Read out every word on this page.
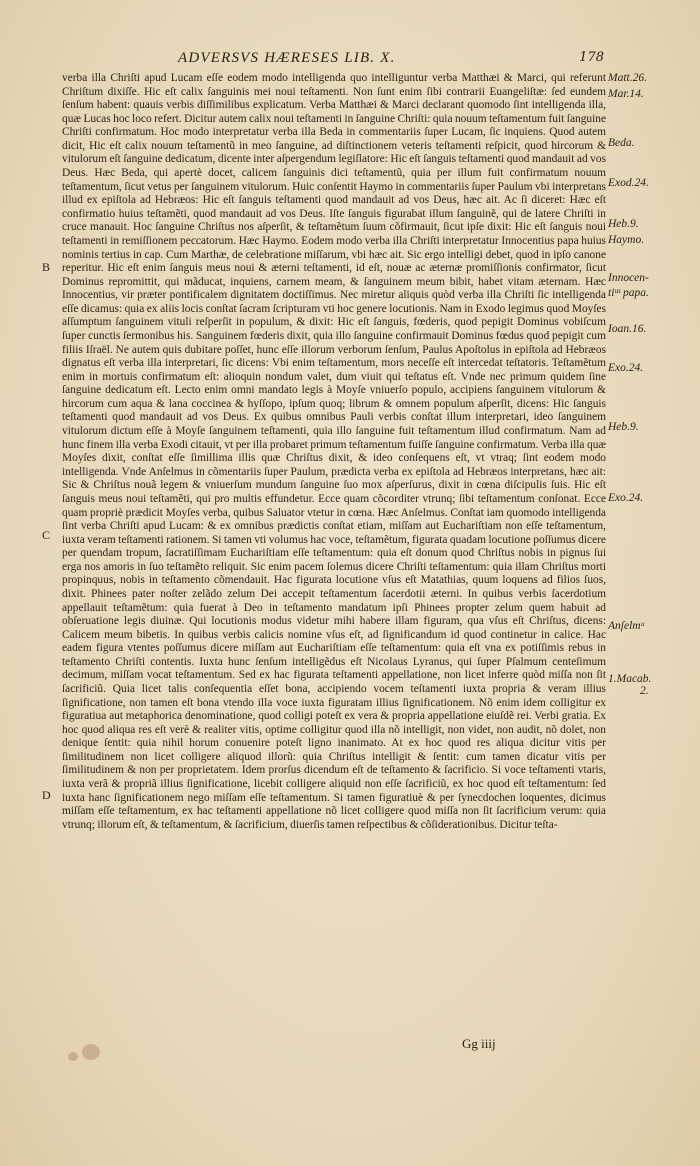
ADVERSVS HÆRESES LIB. X.	178

verba illa Chriſti apud Lucam eſſe eodem modo intelligenda quo intelliguntur verba Matthæi & Marci, qui referunt Chriſtum dixiſſe. Hic eſt calix ſanguinis mei noui teſtamenti. Non ſunt enim ſibi contrarii Euangeliſtæ: ſed eundem ſenſum habent: quauis verbis diſſimilibus explicatum. Verba Matthæi & Marci declarant quomodo ſint intelligenda illa, quæ Lucas hoc loco refert. Dicitur autem calix noui teſtamenti in ſanguine Chriſti: quia nouum teſtamentum fuit ſanguine Chriſti confirmatum. Hoc modo interpretatur verba illa Beda in commentariis ſuper Lucam, ſic inquiens. Quod autem dicit, Hic eſt calix nouum teſtamentũ in meo ſanguine, ad diſtinctionem veteris teſtamenti reſpicit, quod hircorum & vitulorum eſt ſanguine dedicatum, dicente inter aſpergendum legiſlatore: Hic eſt ſanguis teſtamenti quod mandauit ad vos Deus. Hæc Beda, qui apertè docet, calicem ſanguinis dici teſtamentũ, quia per illum fuit confirmatum nouum teſtamentum, ſicut vetus per ſanguinem vitulorum. Huic conſentit Haymo in commentariis ſuper Paulum vbi interpretans illud ex epiſtola ad Hebræos: Hic eſt ſanguis teſtamenti quod mandauit ad vos Deus, hæc ait. Ac ſi diceret: Hæc eſt confirmatio huius teſtamẽti, quod mandauit ad vos Deus. Iſte ſanguis figurabat illum ſanguinẽ, qui de latere Chriſti in cruce manauit. Hoc ſanguine Chriſtus nos aſperſit, & teſtamẽtum ſuum cõfirmauit, ſicut ipſe dixit: Hic eſt ſanguis noui teſtamenti in remiſſionem peccatorum. Hæc Haymo. Eodem modo verba illa Chriſti interpretatur Innocentius papa huius nominis tertius in cap. Cum Marthæ, de celebratione miſſarum, vbi hæc ait. Sic ergo intelligi debet, quod in ipſo canone reperitur. Hic eſt enim ſanguis meus noui & æterni teſtamenti, id eſt, nouæ ac æternæ promiſſionis confirmator, ſicut Dominus repromittit, qui mãducat, inquiens, carnem meam, & ſanguinem meum bibit, habet vitam æternam. Hæc Innocentius, vir præter pontificalem dignitatem doctiſſimus. Nec miretur aliquis quòd verba illa Chriſti ſic intelligenda eſſe dicamus: quia ex aliis locis conſtat ſacram ſcripturam vti hoc genere locutionis. Nam in Exodo legimus quod Moyſes aſſumptum ſanguinem vituli reſperſit in populum, & dixit: Hic eſt ſanguis, fœderis, quod pepigit Dominus vobiſcum ſuper cunctis ſermonibus his. Sanguinem fœderis dixit, quia illo ſanguine confirmauit Dominus fœdus quod pepigit cum filiis Iſraël. Ne autem quis dubitare poſſet, hunc eſſe illorum verborum ſenſum, Paulus Apoſtolus in epiſtola ad Hebræos dignatus eſt verba illa interpretari, ſic dicens: Vbi enim teſtamentum, mors neceſſe eſt intercedat teſtatoris. Teſtamẽtum enim in mortuis confirmatum eſt: alioquin nondum valet, dum viuit qui teſtatus eſt. Vnde nec primum quidem ſine ſanguine dedicatum eſt. Lecto enim omni mandato legis à Moyſe vniuerſo populo, accipiens ſanguinem vitulorum & hircorum cum aqua & lana coccinea & hyſſopo, ipſum quoq; librum & omnem populum aſperſit, dicens: Hic ſanguis teſtamenti quod mandauit ad vos Deus. Ex quibus omnibus Pauli verbis conſtat illum interpretari, ideo ſanguinem vitulorum dictum eſſe à Moyſe ſanguinem teſtamenti, quia illo ſanguine fuit teſtamentum illud confirmatum. Nam ad hunc finem illa verba Exodi citauit, vt per illa probaret primum teſtamentum fuiſſe ſanguine confirmatum. Verba illa quæ Moyſes dixit, conſtat eſſe ſimillima illis quæ Chriſtus dixit, & ideo conſequens eſt, vt vtraq; ſint eodem modo intelligenda. Vnde Anſelmus in cõmentariis ſuper Paulum, prædicta verba ex epiſtola ad Hebræos interpretans, hæc ait: Sic & Chriſtus nouã legem & vniuerſum mundum ſanguine ſuo mox aſperſurus, dixit in cœna diſcipulis ſuis. Hic eſt ſanguis meus noui teſtamẽti, qui pro multis effundetur. Ecce quam cõcorditer vtrunq; ſibi teſtamentum conſonat. Ecce quam propriè prædicit Moyſes verba, quibus Saluator vtetur in cœna. Hæc Anſelmus. Conſtat iam quomodo intelligenda ſint verba Chriſti apud Lucam: & ex omnibus prædictis conſtat etiam, miſſam aut Euchariſtiam non eſſe teſtamentum, iuxta veram teſtamenti rationem. Si tamen vti volumus hac voce, teſtamẽtum, figurata quadam locutione poſſumus dicere per quendam tropum, ſacratiſſimam Euchariſtiam eſſe teſtamentum: quia eſt donum quod Chriſtus nobis in pignus ſui erga nos amoris in ſuo teſtamẽto reliquit. Sic enim pacem ſolemus dicere Chriſti teſtamentum: quia illam Chriſtus morti propinquus, nobis in teſtamento cõmendauit. Hac figurata locutione vſus eſt Matathias, quum loquens ad filios ſuos, dixit. Phinees pater noſter zelãdo zelum Dei accepit teſtamentum ſacerdotii æterni. In quibus verbis ſacerdotium appellauit teſtamẽtum: quia fuerat à Deo in teſtamento mandatum ipſi Phinees propter zelum quem habuit ad obſeruatione legis diuinæ. Qui locutionis modus videtur mihi habere illam figuram, qua vſus eſt Chriſtus, dicens: Calicem meum bibetis. In quibus verbis calicis nomine vſus eſt, ad ſignificandum id quod continetur in calice. Hac eadem figura vtentes poſſumus dicere miſſam aut Euchariſtiam eſſe teſtamentum: quia eſt vna ex potiſſimis rebus in teſtamento Chriſti contentis. Iuxta hunc ſenſum intelligẽdus eſt Nicolaus Lyranus, qui ſuper Pſalmum centeſimum decimum, miſſam vocat teſtamentum. Sed ex hac figurata teſtamenti appellatione, non licet inferre quòd miſſa non ſit ſacrificiũ. Quia licet talis conſequentia eſſet bona, accipiendo vocem teſtamenti iuxta propria & veram illius ſignificatione, non tamen eſt bona vtendo illa voce iuxta figuratam illius ſignificationem. Nõ enim idem colligitur ex figuratiua aut metaphorica denominatione, quod colligi poteſt ex vera & propria appellatione eiuſdẽ rei. Verbi gratia. Ex hoc quod aliqua res eſt verè & realiter vitis, optime colligitur quod illa nõ intelligit, non videt, non audit, nõ dolet, non denique ſentit: quia nihil horum conuenire poteſt ligno inanimato. At ex hoc quod res aliqua dicitur vitis per ſimilitudinem non licet colligere aliquod illorũ: quia Chriſtus intelligit & ſentit: cum tamen dicatur vitis per ſimilitudinem & non per proprietatem. Idem prorſus dicendum eſt de teſtamento & ſacrificio. Si voce teſtamenti vtaris, iuxta verã & propriã illius ſignificatione, licebit colligere aliquid non eſſe ſacrificiũ, ex hoc quod eſt teſtamentum: ſed iuxta hanc ſignificationem nego miſſam eſſe teſtamentum. Si tamen figuratiuè & per ſynecdochen loquentes, dicimus miſſam eſſe teſtamentum, ex hac teſtamenti appellatione nõ licet colligere quod miſſa non ſit ſacrificium verum: quia vtrunq; illorum eſt, & teſtamentum, & ſacrificium, diuerſis tamen reſpectibus & cõſiderationibus. Dicitur teſta-

Matt.26.
Mar.14.
Beda.
Exod.24.
Heb.9.
Haymo.
Innocen-
tiᵘˢ papa.
Ioan.16.
Exo.24.
Heb.9.
Exo.24.
Anſelmᵘ
1.Macab.
2.
B
C
D
Gg iiij
